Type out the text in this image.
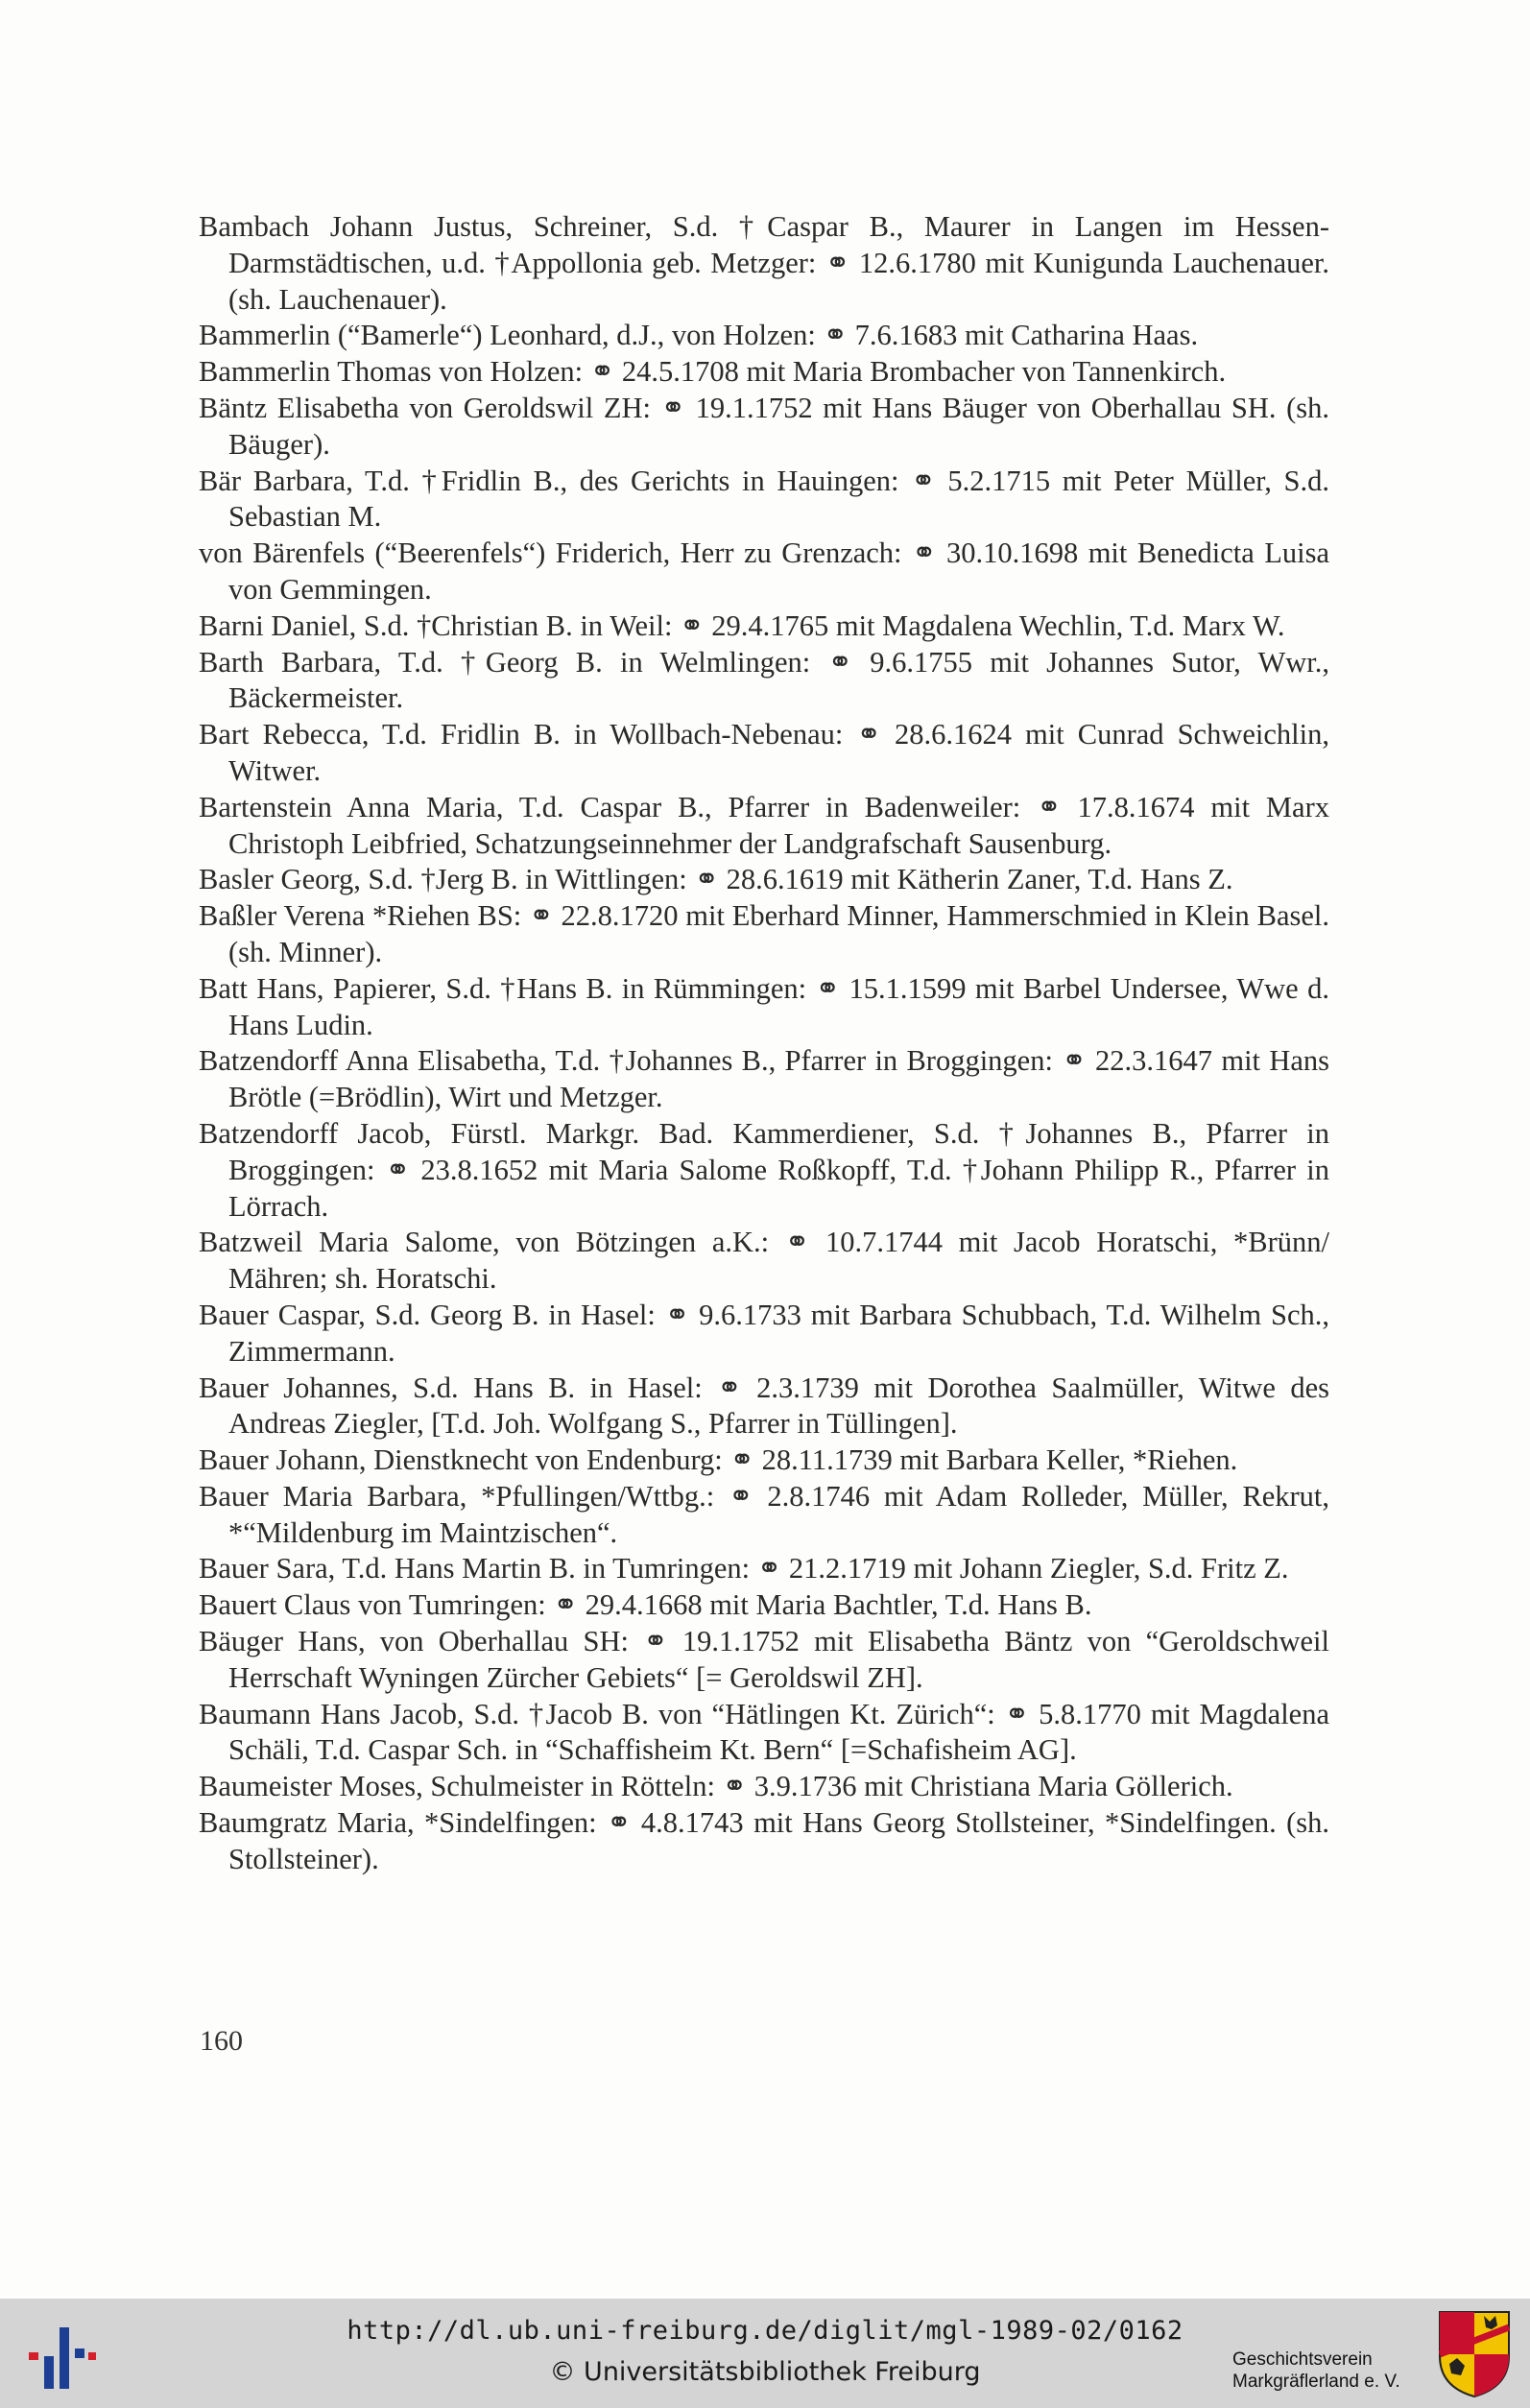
Bambach Johann Justus, Schreiner, S.d. †Caspar B., Maurer in Langen im Hessen-Darmstädtischen, u.d. †Appollonia geb. Metzger: ⚭ 12.6.1780 mit Kunigunda Lauchenauer. (sh. Lauchenauer).

Bammerlin (“Bamerle“) Leonhard, d.J., von Holzen: ⚭ 7.6.1683 mit Catharina Haas.

Bammerlin Thomas von Holzen: ⚭ 24.5.1708 mit Maria Brombacher von Tannenkirch.

Bäntz Elisabetha von Geroldswil ZH: ⚭ 19.1.1752 mit Hans Bäuger von Oberhallau SH. (sh. Bäuger).

Bär Barbara, T.d. †Fridlin B., des Gerichts in Hauingen: ⚭ 5.2.1715 mit Peter Müller, S.d. Sebastian M.

von Bärenfels (“Beerenfels“) Friderich, Herr zu Grenzach: ⚭ 30.10.1698 mit Benedicta Luisa von Gemmingen.

Barni Daniel, S.d. †Christian B. in Weil: ⚭ 29.4.1765 mit Magdalena Wechlin, T.d. Marx W.

Barth Barbara, T.d. †Georg B. in Welmlingen: ⚭ 9.6.1755 mit Johannes Sutor, Wwr., Bäckermeister.

Bart Rebecca, T.d. Fridlin B. in Wollbach-Nebenau: ⚭ 28.6.1624 mit Cunrad Schweichlin, Witwer.

Bartenstein Anna Maria, T.d. Caspar B., Pfarrer in Badenweiler: ⚭ 17.8.1674 mit Marx Christoph Leibfried, Schatzungseinnehmer der Landgrafschaft Sausenburg.

Basler Georg, S.d. †Jerg B. in Wittlingen: ⚭ 28.6.1619 mit Kätherin Zaner, T.d. Hans Z.

Baßler Verena *Riehen BS: ⚭ 22.8.1720 mit Eberhard Minner, Hammerschmied in Klein Basel. (sh. Minner).

Batt Hans, Papierer, S.d. †Hans B. in Rümmingen: ⚭ 15.1.1599 mit Barbel Undersee, Wwe d. Hans Ludin.

Batzendorff Anna Elisabetha, T.d. †Johannes B., Pfarrer in Broggingen: ⚭ 22.3.1647 mit Hans Brötle (=Brödlin), Wirt und Metzger.

Batzendorff Jacob, Fürstl. Markgr. Bad. Kammerdiener, S.d. †Johannes B., Pfarrer in Broggingen: ⚭ 23.8.1652 mit Maria Salome Roßkopff, T.d. †Johann Philipp R., Pfarrer in Lörrach.

Batzweil Maria Salome, von Bötzingen a.K.: ⚭ 10.7.1744 mit Jacob Horatschi, *Brünn/ Mähren; sh. Horatschi.

Bauer Caspar, S.d. Georg B. in Hasel: ⚭ 9.6.1733 mit Barbara Schubbach, T.d. Wilhelm Sch., Zimmermann.

Bauer Johannes, S.d. Hans B. in Hasel: ⚭ 2.3.1739 mit Dorothea Saalmüller, Witwe des Andreas Ziegler, [T.d. Joh. Wolfgang S., Pfarrer in Tüllingen].

Bauer Johann, Dienstknecht von Endenburg: ⚭ 28.11.1739 mit Barbara Keller, *Riehen.

Bauer Maria Barbara, *Pfullingen/Wttbg.: ⚭ 2.8.1746 mit Adam Rolleder, Müller, Rekrut, *“Mildenburg im Maintzischen“.

Bauer Sara, T.d. Hans Martin B. in Tumringen: ⚭ 21.2.1719 mit Johann Ziegler, S.d. Fritz Z.

Bauert Claus von Tumringen: ⚭ 29.4.1668 mit Maria Bachtler, T.d. Hans B.

Bäuger Hans, von Oberhallau SH: ⚭ 19.1.1752 mit Elisabetha Bäntz von “Geroldschweil Herrschaft Wyningen Zürcher Gebiets“ [= Geroldswil ZH].

Baumann Hans Jacob, S.d. †Jacob B. von “Hätlingen Kt. Zürich“: ⚭ 5.8.1770 mit Magdalena Schäli, T.d. Caspar Sch. in “Schaffisheim Kt. Bern“ [=Schafisheim AG].

Baumeister Moses, Schulmeister in Rötteln: ⚭ 3.9.1736 mit Christiana Maria Göllerich.

Baumgratz Maria, *Sindelfingen: ⚭ 4.8.1743 mit Hans Georg Stollsteiner, *Sindelfingen. (sh. Stollsteiner).

160
http://dl.ub.uni-freiburg.de/diglit/mgl-1989-02/0162
© Universitätsbibliothek Freiburg	Geschichtsverein
Markgräflerland e. V.
